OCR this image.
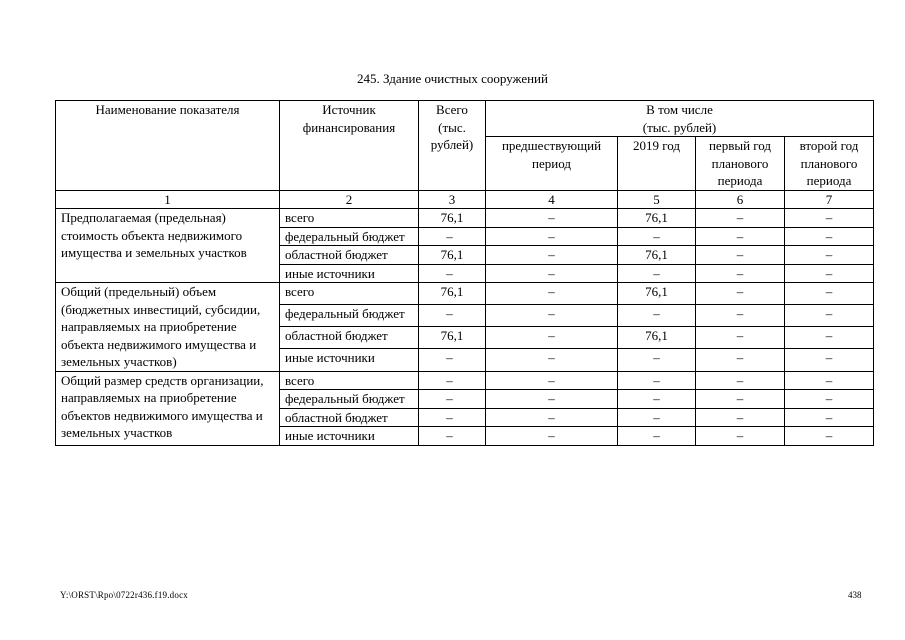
245. Здание очистных сооружений
Наименование показателя	Источник финансирования	Всего (тыс. рублей)	В том числе
(тыс. рублей)			
			предшествующий период	2019 год	первый год планового периода	второй год планового периода
1	2	3	4	5	6	7
Предполагаемая (предельная) стоимость объекта недвижимого имущества и земельных участков	всего	76,1	–	76,1	–	–
	федеральный бюджет	–	–	–	–	–
	областной бюджет	76,1	–	76,1	–	–
	иные источники	–	–	–	–	–
Общий (предельный) объем (бюджетных инвестиций, субсидии, направляемых на приобретение объекта недвижимого имущества и земельных участков)	всего	76,1	–	76,1	–	–
	федеральный бюджет	–	–	–	–	–
	областной бюджет	76,1	–	76,1	–	–
	иные источники	–	–	–	–	–
Общий размер средств организации, направляемых на приобретение объектов недвижимого имущества и земельных участков	всего	–	–	–	–	–
	федеральный бюджет	–	–	–	–	–
	областной бюджет	–	–	–	–	–
	иные источники	–	–	–	–	–
Y:\ORST\Rpo\0722r436.f19.docx	438
